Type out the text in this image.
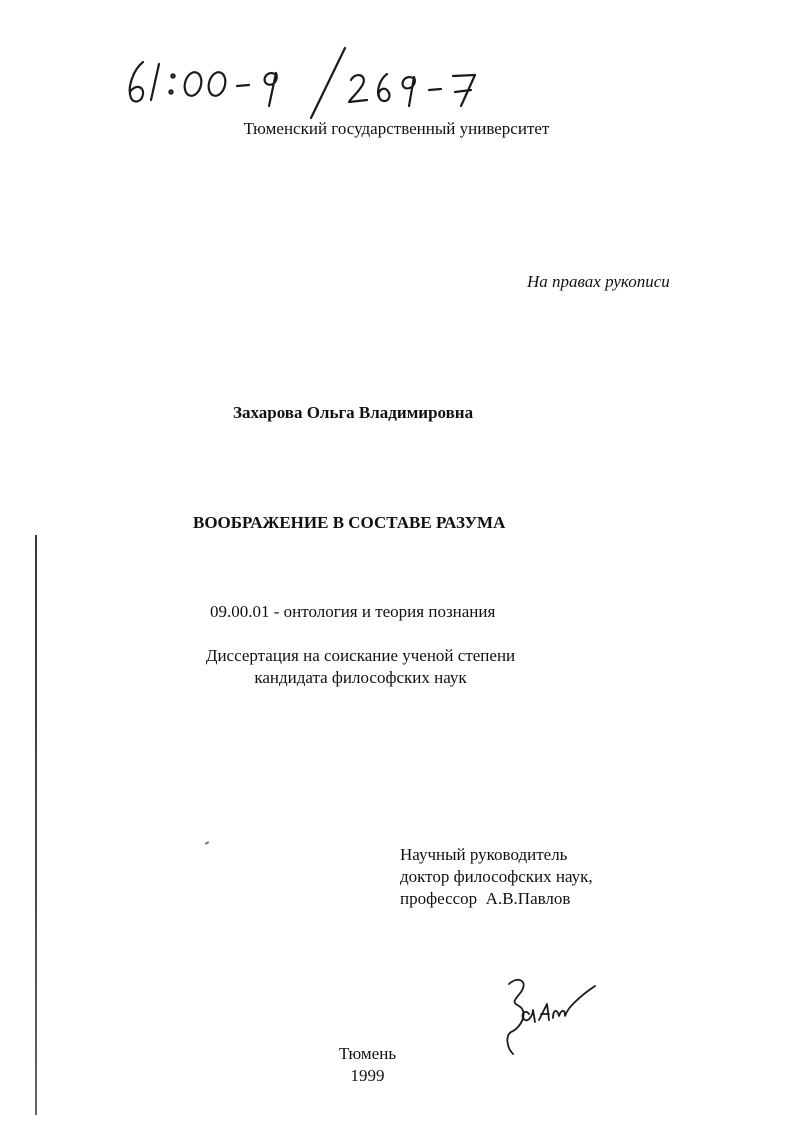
61:00-9/269-7
Тюменский государственный университет
На правах рукописи
Захарова Ольга Владимировна
ВООБРАЖЕНИЕ В СОСТАВЕ РАЗУМА
09.00.01 - онтология и теория познания
Диссертация на соискание ученой степени
кандидата философских наук
Научный руководитель
доктор философских наук,
профессор  А.В.Павлов
Зан
Тюмень
1999
